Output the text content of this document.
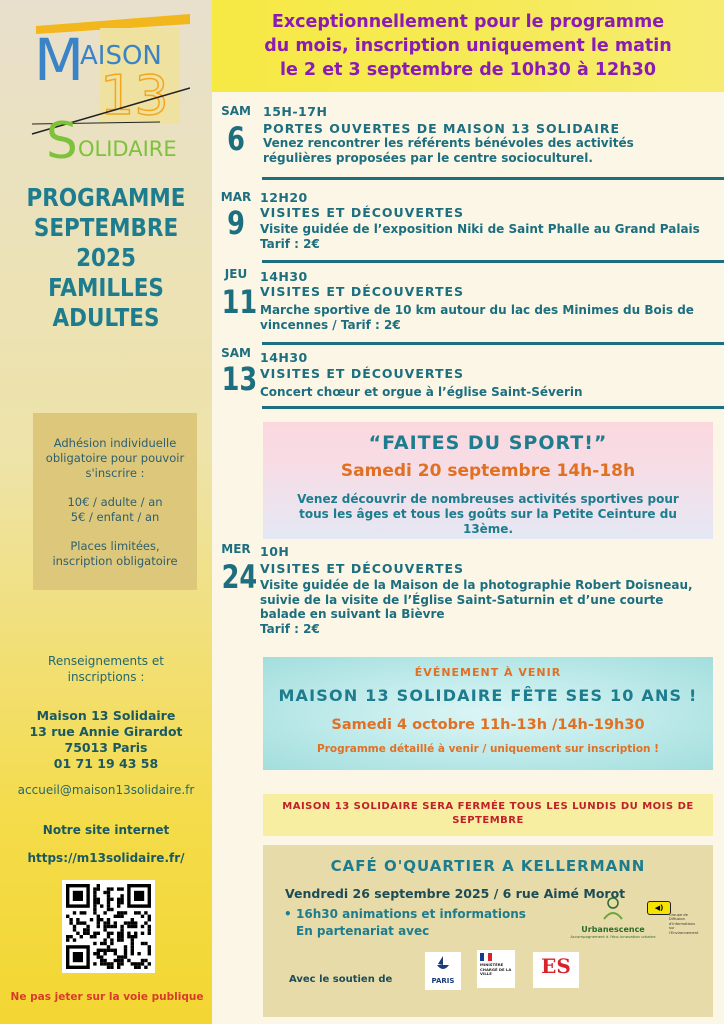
M
AISON
13
S OLIDAIRE
PROGRAMME
SEPTEMBRE
2025
FAMILLES
ADULTES

Adhésion individuelle obligatoire pour pouvoir s'inscrire :

10€ / adulte / an
5€ / enfant / an

Places limitées, inscription obligatoire

Renseignements et inscriptions :
Maison 13 Solidaire
13 rue Annie Girardot
75013 Paris
01 71 19 43 58
accueil@maison13solidaire.fr
Notre site internet
https://m13solidaire.fr/
Ne pas jeter sur la voie publique
Exceptionnellement pour le programme
du mois, inscription uniquement le matin
le 2 et 3 septembre de 10h30 à 12h30
SAM
6
15H-17H
PORTES OUVERTES DE MAISON 13 SOLIDAIRE
Venez rencontrer les référents bénévoles des activités régulières proposées par le centre socioculturel.
MAR
9
12H20
VISITES ET DÉCOUVERTES
Visite guidée de l’exposition Niki de Saint Phalle au Grand Palais
Tarif : 2€
JEU
11
14H30
VISITES ET DÉCOUVERTES
Marche sportive de 10 km autour du lac des Minimes du Bois de vincennes / Tarif : 2€
SAM
13
14H30
VISITES ET DÉCOUVERTES
Concert chœur et orgue à l’église Saint-Séverin
“FAITES DU SPORT!”
Samedi 20 septembre 14h-18h
Venez découvrir de nombreuses activités sportives pour tous les âges et tous les goûts sur la Petite Ceinture du 13ème.
MER
24
10H
VISITES ET DÉCOUVERTES
Visite guidée de la Maison de la photographie Robert Doisneau, suivie de la visite de l’Église Saint-Saturnin et d’une courte balade en suivant la Bièvre
Tarif : 2€
ÉVÉNEMENT À VENIR
MAISON 13 SOLIDAIRE FÊTE SES 10 ANS !
Samedi 4 octobre 11h-13h /14h-19h30
Programme détaillé à venir / uniquement sur inscription !
MAISON 13 SOLIDAIRE SERA FERMÉE TOUS LES LUNDIS DU MOIS DE SEPTEMBRE
CAFÉ O'QUARTIER A KELLERMANN
Vendredi 26 septembre 2025 / 6 rue Aimé Morot
• 16h30 animations et informations
En partenariat avec
Avec le soutien de
Urbanescence
Accompagnement à l'éco-innovation urbaine
◀)
Groupe de Diffusion d'Informations sur l'Environnement
PARIS
MINISTÈRE CHARGÉ DE LA VILLE	ES
